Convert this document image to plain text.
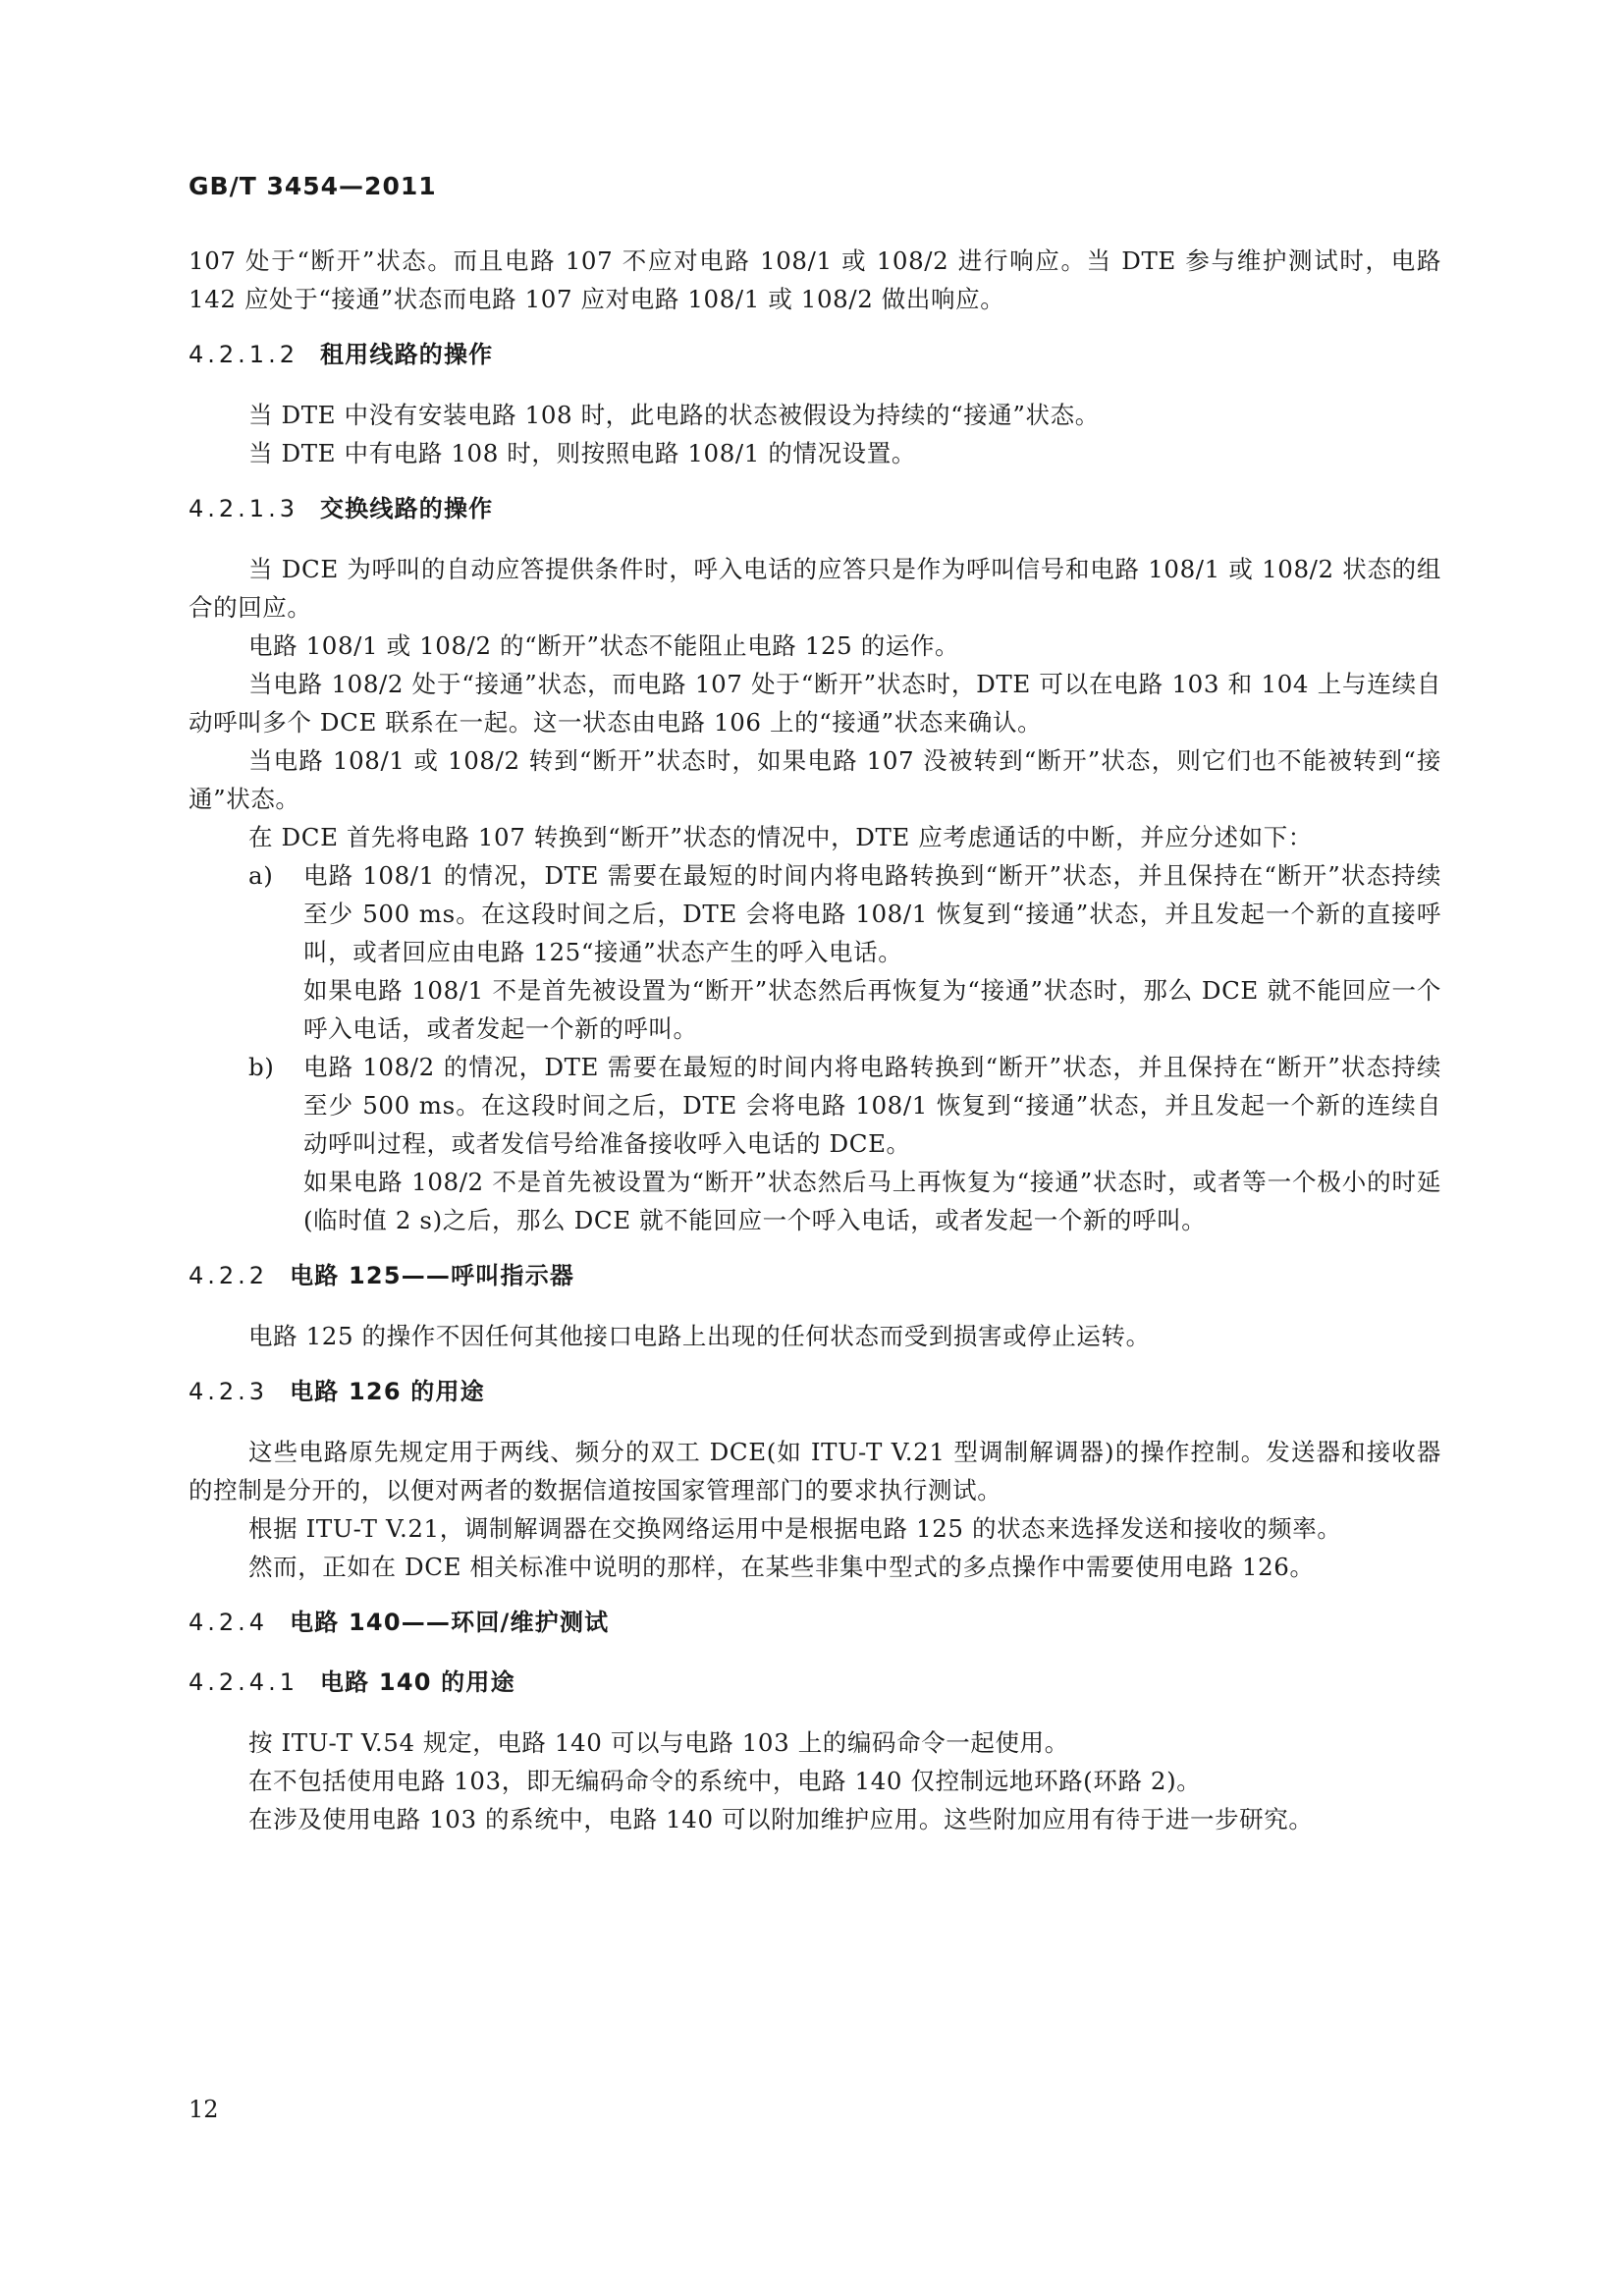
GB/T 3454—2011

107 处于“断开”状态。而且电路 107 不应对电路 108/1 或 108/2 进行响应。当 DTE 参与维护测试时，电路 142 应处于“接通”状态而电路 107 应对电路 108/1 或 108/2 做出响应。

4.2.1.2 租用线路的操作

当 DTE 中没有安装电路 108 时，此电路的状态被假设为持续的“接通”状态。

当 DTE 中有电路 108 时，则按照电路 108/1 的情况设置。

4.2.1.3 交换线路的操作

当 DCE 为呼叫的自动应答提供条件时，呼入电话的应答只是作为呼叫信号和电路 108/1 或 108/2 状态的组合的回应。

电路 108/1 或 108/2 的“断开”状态不能阻止电路 125 的运作。

当电路 108/2 处于“接通”状态，而电路 107 处于“断开”状态时，DTE 可以在电路 103 和 104 上与连续自动呼叫多个 DCE 联系在一起。这一状态由电路 106 上的“接通”状态来确认。

当电路 108/1 或 108/2 转到“断开”状态时，如果电路 107 没被转到“断开”状态，则它们也不能被转到“接通”状态。

在 DCE 首先将电路 107 转换到“断开”状态的情况中，DTE 应考虑通话的中断，并应分述如下：

a) 电路 108/1 的情况，DTE 需要在最短的时间内将电路转换到“断开”状态，并且保持在“断开”状态持续至少 500 ms。在这段时间之后，DTE 会将电路 108/1 恢复到“接通”状态，并且发起一个新的直接呼叫，或者回应由电路 125“接通”状态产生的呼入电话。

如果电路 108/1 不是首先被设置为“断开”状态然后再恢复为“接通”状态时，那么 DCE 就不能回应一个呼入电话，或者发起一个新的呼叫。

b) 电路 108/2 的情况，DTE 需要在最短的时间内将电路转换到“断开”状态，并且保持在“断开”状态持续至少 500 ms。在这段时间之后，DTE 会将电路 108/1 恢复到“接通”状态，并且发起一个新的连续自动呼叫过程，或者发信号给准备接收呼入电话的 DCE。

如果电路 108/2 不是首先被设置为“断开”状态然后马上再恢复为“接通”状态时，或者等一个极小的时延(临时值 2 s)之后，那么 DCE 就不能回应一个呼入电话，或者发起一个新的呼叫。

4.2.2 电路 125——呼叫指示器

电路 125 的操作不因任何其他接口电路上出现的任何状态而受到损害或停止运转。

4.2.3 电路 126 的用途

这些电路原先规定用于两线、频分的双工 DCE(如 ITU-T V.21 型调制解调器)的操作控制。发送器和接收器的控制是分开的，以便对两者的数据信道按国家管理部门的要求执行测试。

根据 ITU-T V.21，调制解调器在交换网络运用中是根据电路 125 的状态来选择发送和接收的频率。

然而，正如在 DCE 相关标准中说明的那样，在某些非集中型式的多点操作中需要使用电路 126。

4.2.4 电路 140——环回/维护测试

4.2.4.1 电路 140 的用途

按 ITU-T V.54 规定，电路 140 可以与电路 103 上的编码命令一起使用。

在不包括使用电路 103，即无编码命令的系统中，电路 140 仅控制远地环路(环路 2)。

在涉及使用电路 103 的系统中，电路 140 可以附加维护应用。这些附加应用有待于进一步研究。

12
